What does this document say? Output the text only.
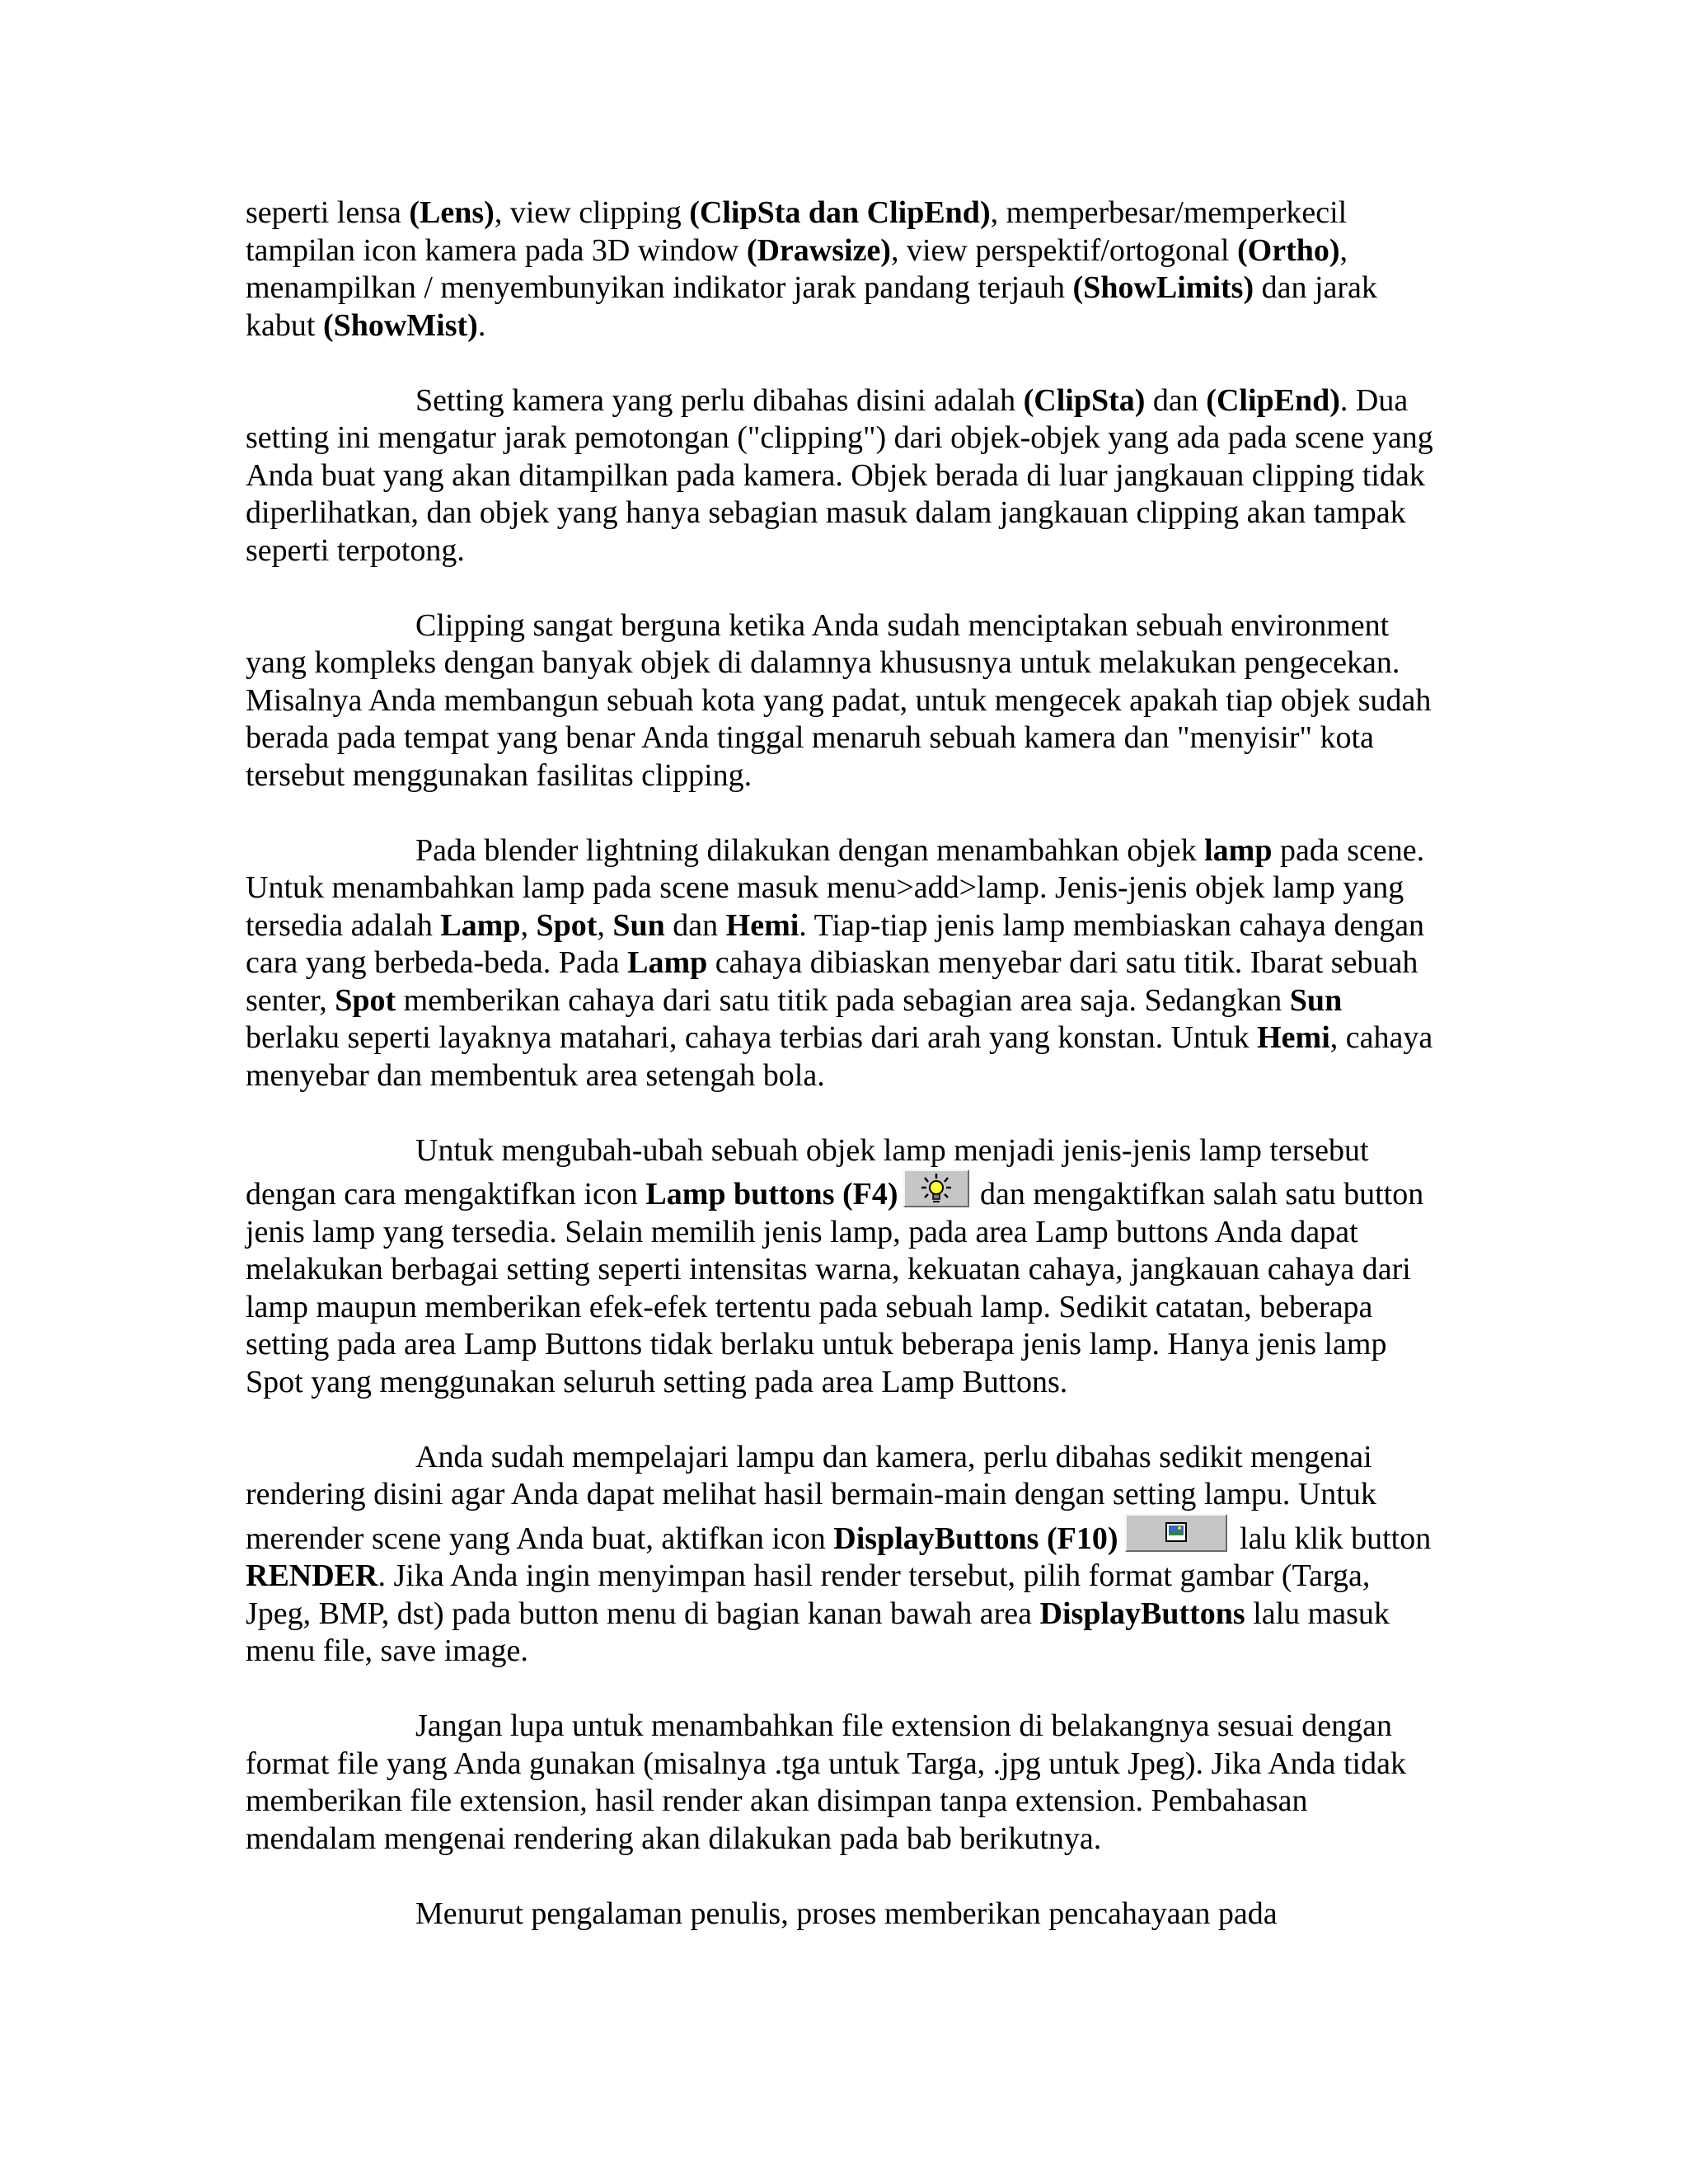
seperti lensa (Lens), view clipping (ClipSta dan ClipEnd), memperbesar/memperkecil tampilan icon kamera pada 3D window (Drawsize), view perspektif/ortogonal (Ortho), menampilkan / menyembunyikan indikator jarak pandang terjauh (ShowLimits) dan jarak kabut (ShowMist).

Setting kamera yang perlu dibahas disini adalah (ClipSta) dan (ClipEnd). Dua setting ini mengatur jarak pemotongan ("clipping") dari objek-objek yang ada pada scene yang Anda buat yang akan ditampilkan pada kamera. Objek berada di luar jangkauan clipping tidak diperlihatkan, dan objek yang hanya sebagian masuk dalam jangkauan clipping akan tampak seperti terpotong.

Clipping sangat berguna ketika Anda sudah menciptakan sebuah environment yang kompleks dengan banyak objek di dalamnya khususnya untuk melakukan pengecekan. Misalnya Anda membangun sebuah kota yang padat, untuk mengecek apakah tiap objek sudah berada pada tempat yang benar Anda tinggal menaruh sebuah kamera dan "menyisir" kota tersebut menggunakan fasilitas clipping.

Pada blender lightning dilakukan dengan menambahkan objek lamp pada scene. Untuk menambahkan lamp pada scene masuk menu>add>lamp. Jenis-jenis objek lamp yang tersedia adalah Lamp, Spot, Sun dan Hemi. Tiap-tiap jenis lamp membiaskan cahaya dengan cara yang berbeda-beda. Pada Lamp cahaya dibiaskan menyebar dari satu titik. Ibarat sebuah senter, Spot memberikan cahaya dari satu titik pada sebagian area saja. Sedangkan Sun berlaku seperti layaknya matahari, cahaya terbias dari arah yang konstan. Untuk Hemi, cahaya menyebar dan membentuk area setengah bola.

Untuk mengubah-ubah sebuah objek lamp menjadi jenis-jenis lamp tersebut dengan cara mengaktifkan icon Lamp buttons (F4)
dan mengaktifkan salah satu button jenis lamp yang tersedia. Selain memilih jenis lamp, pada area Lamp buttons Anda dapat melakukan berbagai setting seperti intensitas warna, kekuatan cahaya, jangkauan cahaya dari lamp maupun memberikan efek-efek tertentu pada sebuah lamp. Sedikit catatan, beberapa setting pada area Lamp Buttons tidak berlaku untuk beberapa jenis lamp. Hanya jenis lamp Spot yang menggunakan seluruh setting pada area Lamp Buttons.

Anda sudah mempelajari lampu dan kamera, perlu dibahas sedikit mengenai rendering disini agar Anda dapat melihat hasil bermain-main dengan setting lampu. Untuk merender scene yang Anda buat, aktifkan icon DisplayButtons (F10)	lalu klik button RENDER. Jika Anda ingin menyimpan hasil render tersebut, pilih format gambar (Targa, Jpeg, BMP, dst) pada button menu di bagian kanan bawah area DisplayButtons lalu masuk menu file, save image.

Jangan lupa untuk menambahkan file extension di belakangnya sesuai dengan format file yang Anda gunakan (misalnya .tga untuk Targa, .jpg untuk Jpeg). Jika Anda tidak memberikan file extension, hasil render akan disimpan tanpa extension. Pembahasan mendalam mengenai rendering akan dilakukan pada bab berikutnya.

Menurut pengalaman penulis, proses memberikan pencahayaan pada
